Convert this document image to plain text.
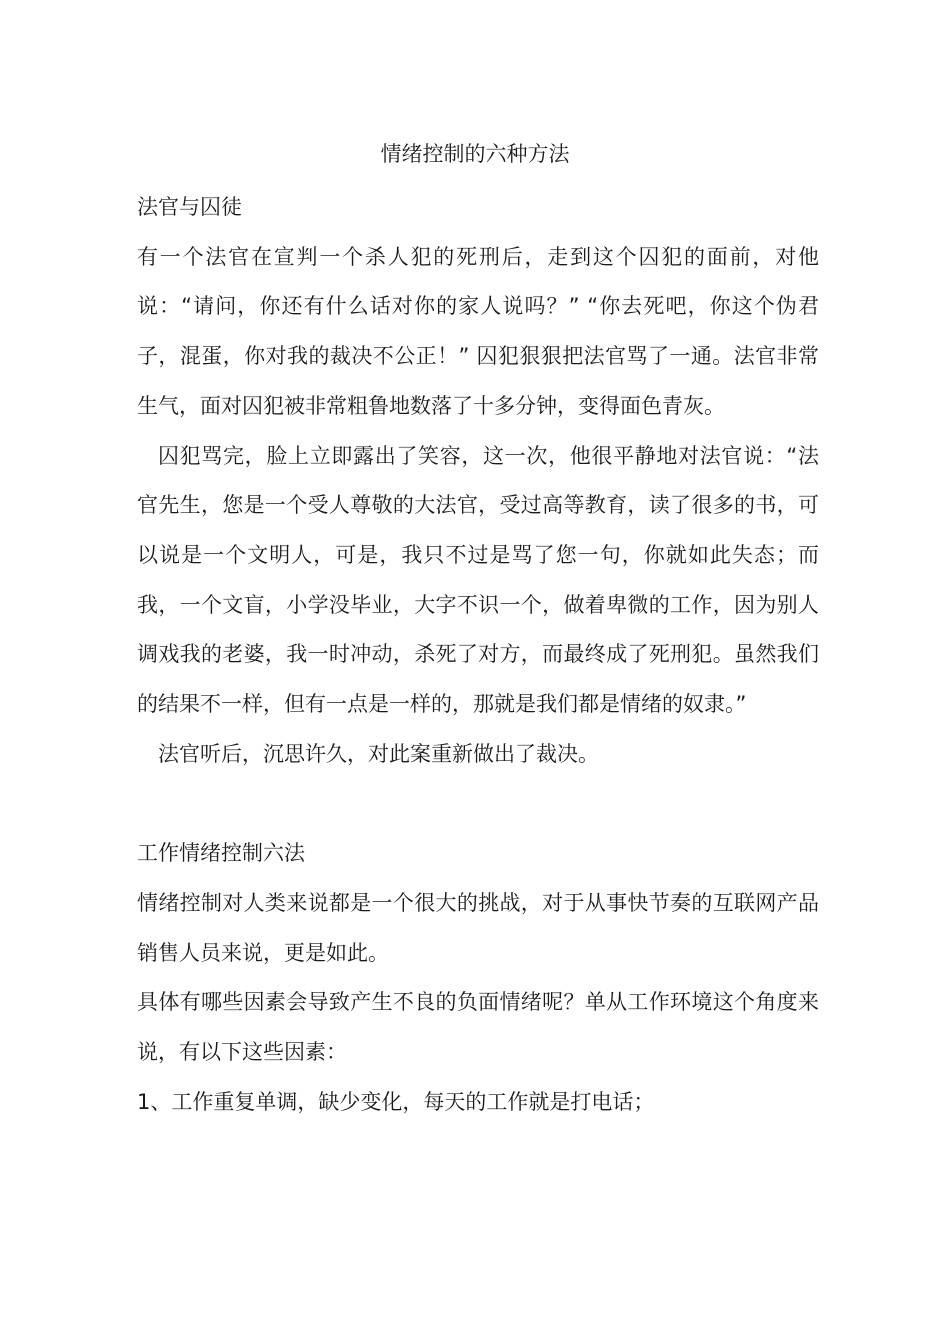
情绪控制的六种方法

法官与囚徒

有一个法官在宣判一个杀人犯的死刑后，走到这个囚犯的面前，对他说：“请问，你还有什么话对你的家人说吗？” “你去死吧，你这个伪君子，混蛋，你对我的裁决不公正！” 囚犯狠狠把法官骂了一通。法官非常生气，面对囚犯被非常粗鲁地数落了十多分钟，变得面色青灰。

囚犯骂完，脸上立即露出了笑容，这一次，他很平静地对法官说：“法官先生，您是一个受人尊敬的大法官，受过高等教育，读了很多的书，可以说是一个文明人，可是，我只不过是骂了您一句，你就如此失态；而我，一个文盲，小学没毕业，大字不识一个，做着卑微的工作，因为别人调戏我的老婆，我一时冲动，杀死了对方，而最终成了死刑犯。虽然我们的结果不一样，但有一点是一样的，那就是我们都是情绪的奴隶。”

法官听后，沉思许久，对此案重新做出了裁决。

工作情绪控制六法

情绪控制对人类来说都是一个很大的挑战，对于从事快节奏的互联网产品销售人员来说，更是如此。

具体有哪些因素会导致产生不良的负面情绪呢？单从工作环境这个角度来说，有以下这些因素：

1、工作重复单调，缺少变化，每天的工作就是打电话；
